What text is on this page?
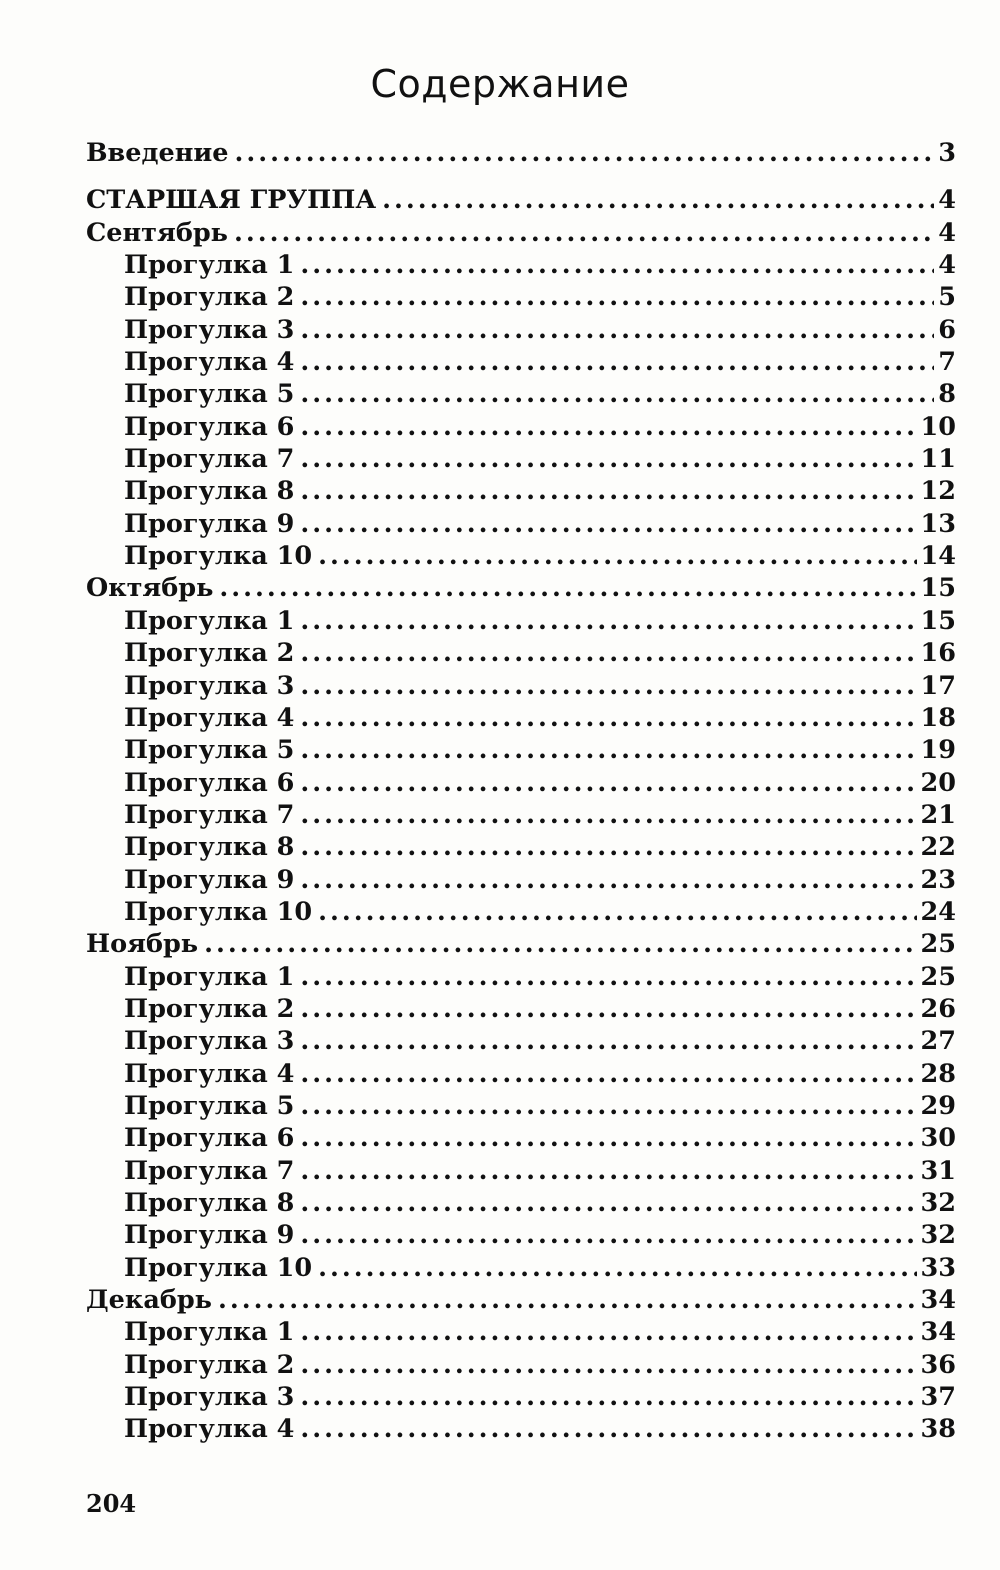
Содержание
Введение .....	3
СТАРШАЯ ГРУППА .....	4
Сентябрь .....	4
Прогулка 1 .....	4
Прогулка 2 .....	5
Прогулка 3 .....	6
Прогулка 4 .....	7
Прогулка 5 .....	8
Прогулка 6 .....	10
Прогулка 7 .....	11
Прогулка 8 .....	12
Прогулка 9 .....	13
Прогулка 10 .....	14
Октябрь .....	15
Прогулка 1 .....	15
Прогулка 2 .....	16
Прогулка 3 .....	17
Прогулка 4 .....	18
Прогулка 5 .....	19
Прогулка 6 .....	20
Прогулка 7 .....	21
Прогулка 8 .....	22
Прогулка 9 .....	23
Прогулка 10 .....	24
Ноябрь .....	25
Прогулка 1 .....	25
Прогулка 2 .....	26
Прогулка 3 .....	27
Прогулка 4 .....	28
Прогулка 5 .....	29
Прогулка 6 .....	30
Прогулка 7 .....	31
Прогулка 8 .....	32
Прогулка 9 .....	32
Прогулка 10 .....	33
Декабрь .....	34
Прогулка 1 .....	34
Прогулка 2 .....	36
Прогулка 3 .....	37
Прогулка 4 .....	38
204
